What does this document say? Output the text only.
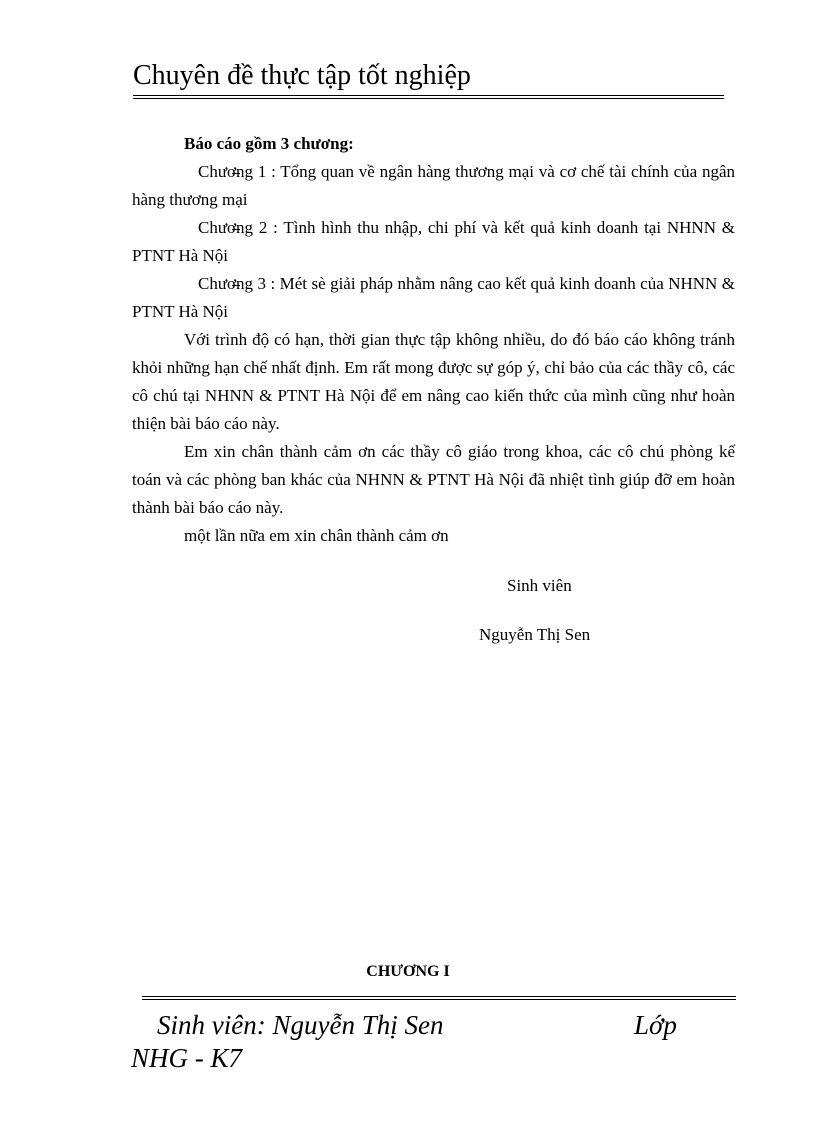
Chuyên đề thực tập tốt nghiệp

Báo cáo gồm 3 chương:

Chương 1 : Tổng quan về ngân hàng thương mại và cơ chế tài chính của ngân hàng thương mại

Chương 2 : Tình hình thu nhập, chi phí và kết quả kinh doanh tại NHNN & PTNT Hà Nội

Chương 3 : Mét sè giải pháp nhằm nâng cao kết quả kinh doanh của NHNN & PTNT Hà Nội

Với trình độ có hạn, thời gian thực tập không nhiều, do đó báo cáo không tránh khỏi những hạn chế nhất định. Em rất mong được sự góp ý, chỉ bảo của các thầy cô, các cô chú tại NHNN & PTNT Hà Nội để em nâng cao kiến thức của mình cũng như hoàn thiện bài báo cáo này.

Em xin chân thành cảm ơn các thầy cô giáo trong khoa, các cô chú phòng kế toán và các phòng ban khác của NHNN & PTNT Hà Nội đã nhiệt tình giúp đỡ em hoàn thành bài báo cáo này.

một lần nữa em xin chân thành cảm ơn

Sinh viên
Nguyễn Thị Sen
CHƯƠNG I
Sinh viên: Nguyễn Thị Sen	Lớp
NHG - K7
